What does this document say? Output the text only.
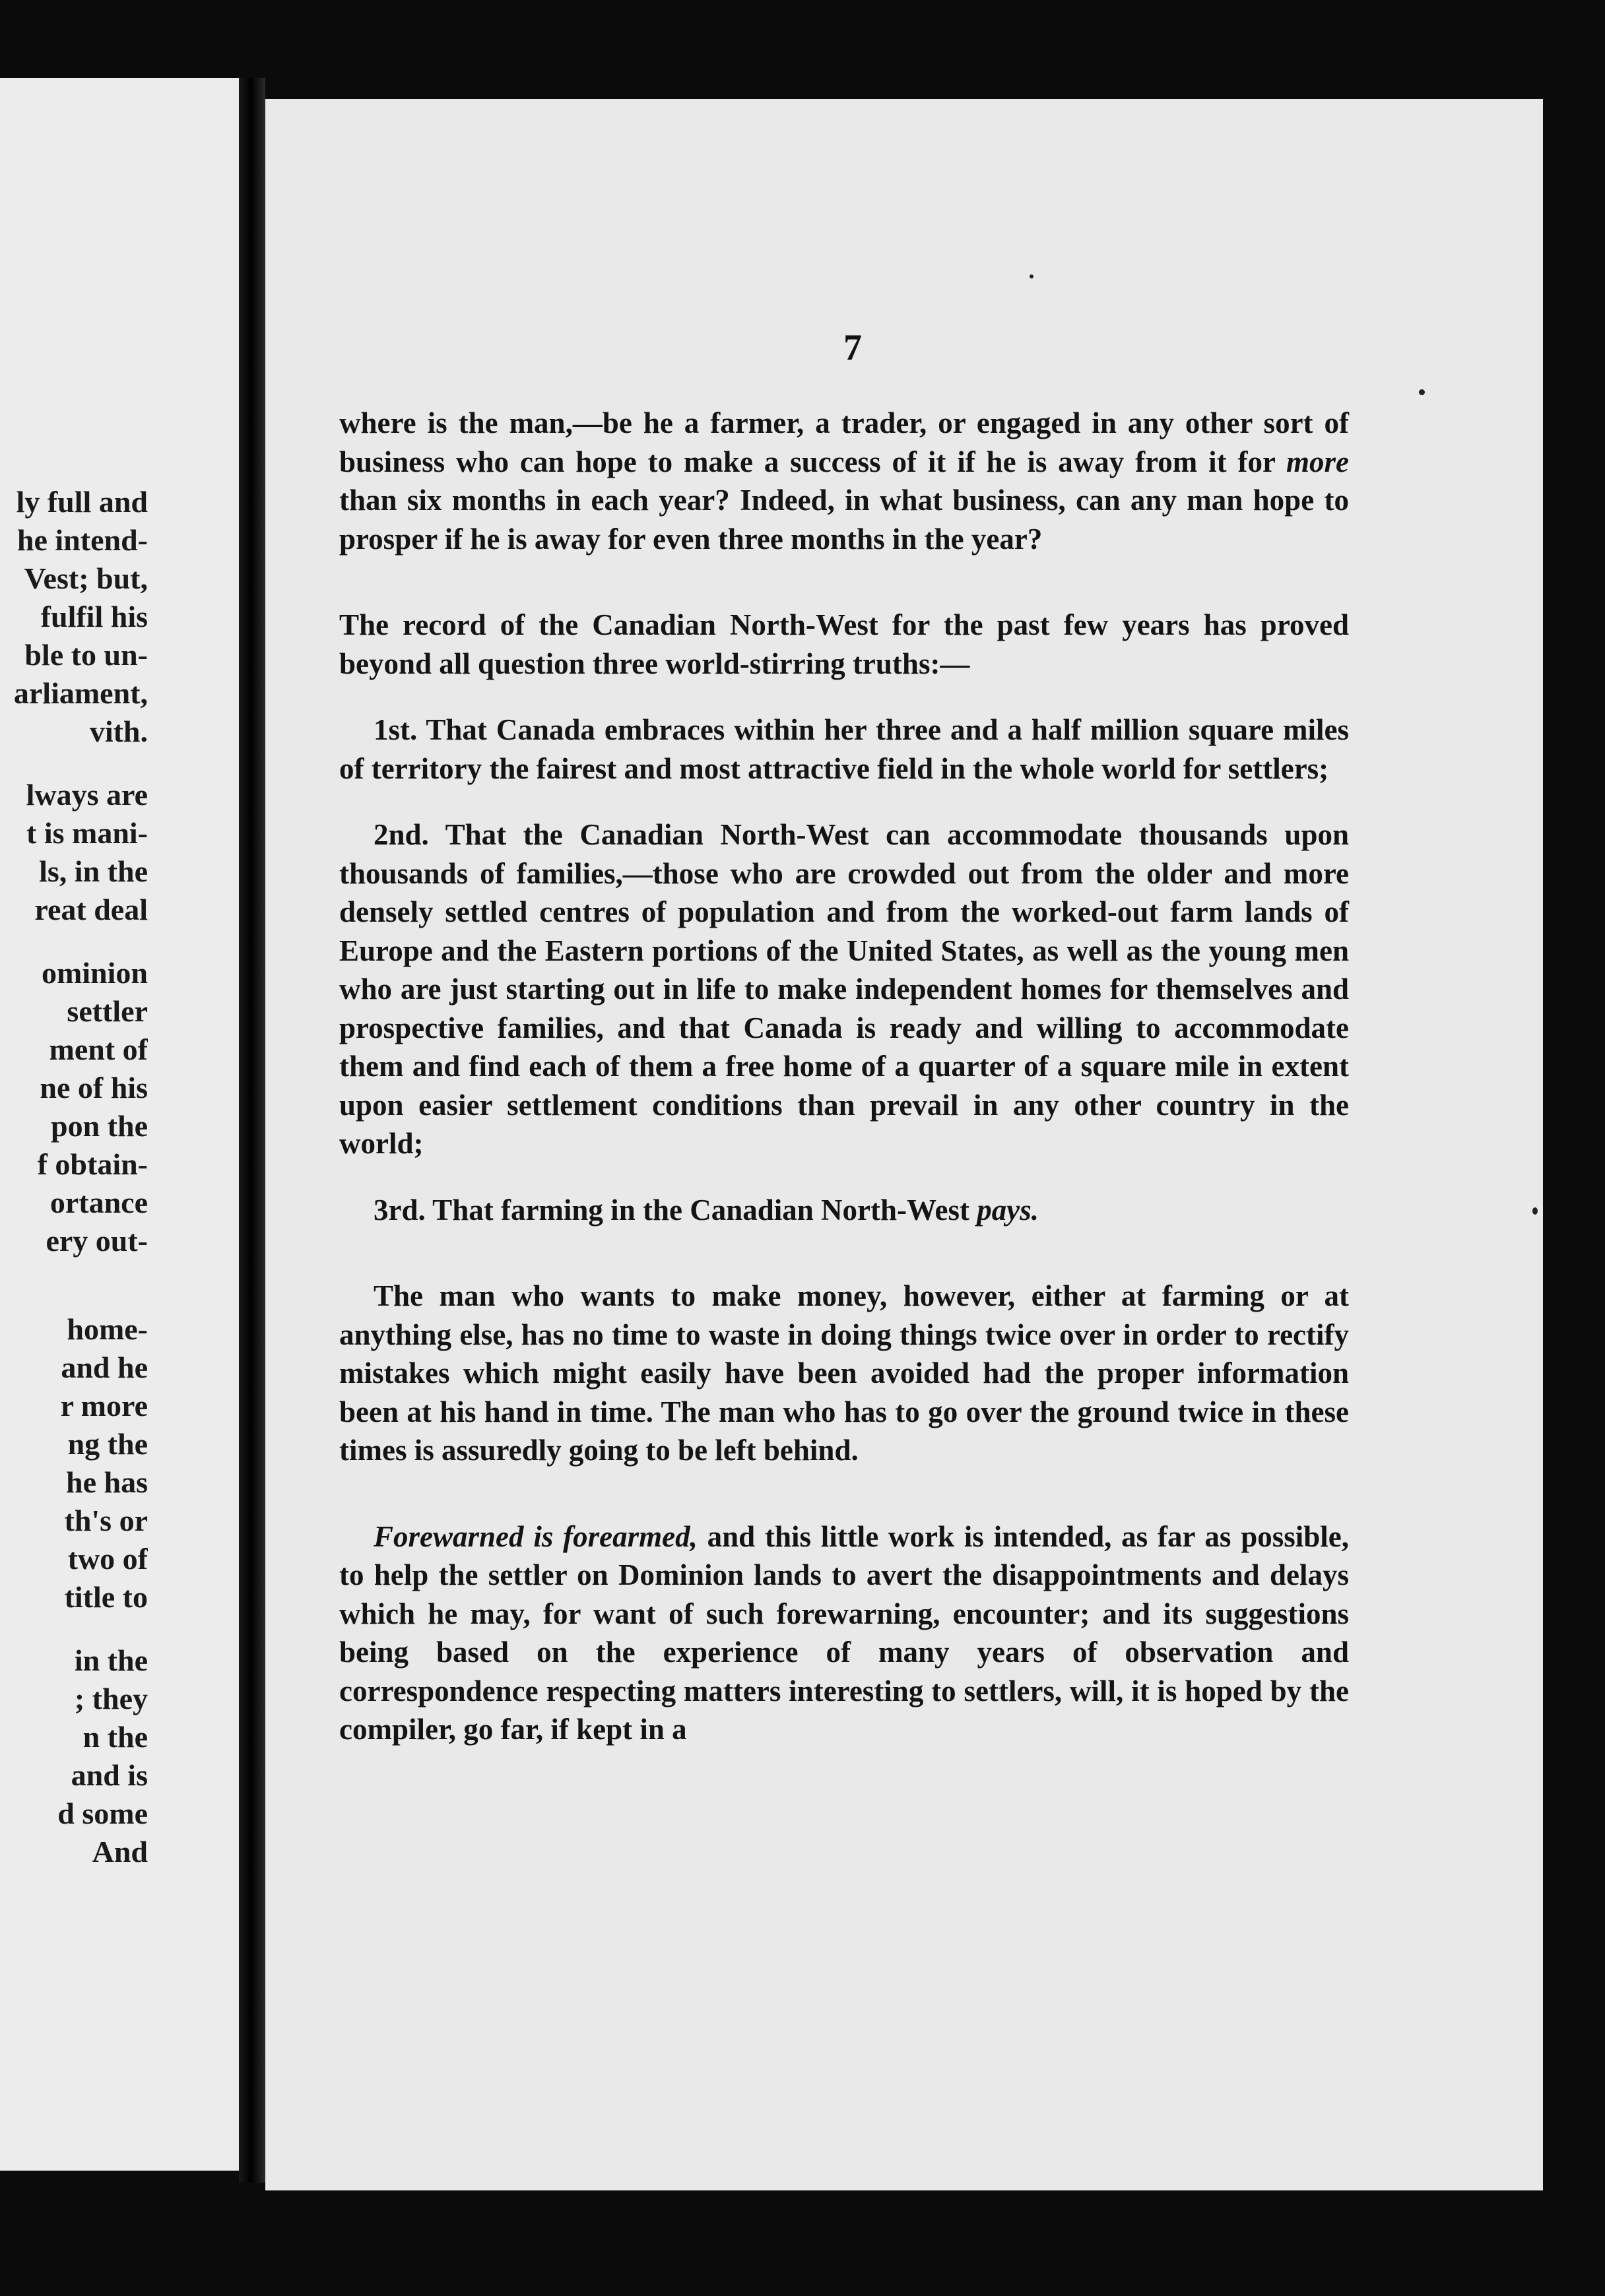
ly full and
he intend-
Vest; but,
fulfil his
ble to un-
arliament,
vith.
lways are
t is mani-
ls, in the
reat deal
ominion
settler
ment of
ne of his
pon the
f obtain-
ortance
ery out-
home-
and he
r more
ng the
he has
th's or
two of
title to
in the
; they
n the
and is
d some
And
7

where is the man,—be he a farmer, a trader, or engaged in any other sort of business who can hope to make a success of it if he is away from it for more than six months in each year? Indeed, in what business, can any man hope to prosper if he is away for even three months in the year?

The record of the Canadian North-West for the past few years has proved beyond all question three world-stirring truths:—

1st. That Canada embraces within her three and a half million square miles of territory the fairest and most attractive field in the whole world for settlers;

2nd. That the Canadian North-West can accommodate thousands upon thousands of families,—those who are crowded out from the older and more densely settled centres of population and from the worked-out farm lands of Europe and the Eastern portions of the United States, as well as the young men who are just starting out in life to make independent homes for themselves and prospective families, and that Canada is ready and willing to accommodate them and find each of them a free home of a quarter of a square mile in extent upon easier settlement conditions than prevail in any other country in the world;

3rd. That farming in the Canadian North-West pays.

The man who wants to make money, however, either at farming or at anything else, has no time to waste in doing things twice over in order to rectify mistakes which might easily have been avoided had the proper information been at his hand in time. The man who has to go over the ground twice in these times is assuredly going to be left behind.

Forewarned is forearmed, and this little work is intended, as far as possible, to help the settler on Dominion lands to avert the disappointments and delays which he may, for want of such forewarning, encounter; and its suggestions being based on the experience of many years of observation and correspondence respecting matters interesting to settlers, will, it is hoped by the compiler, go far, if kept in a
